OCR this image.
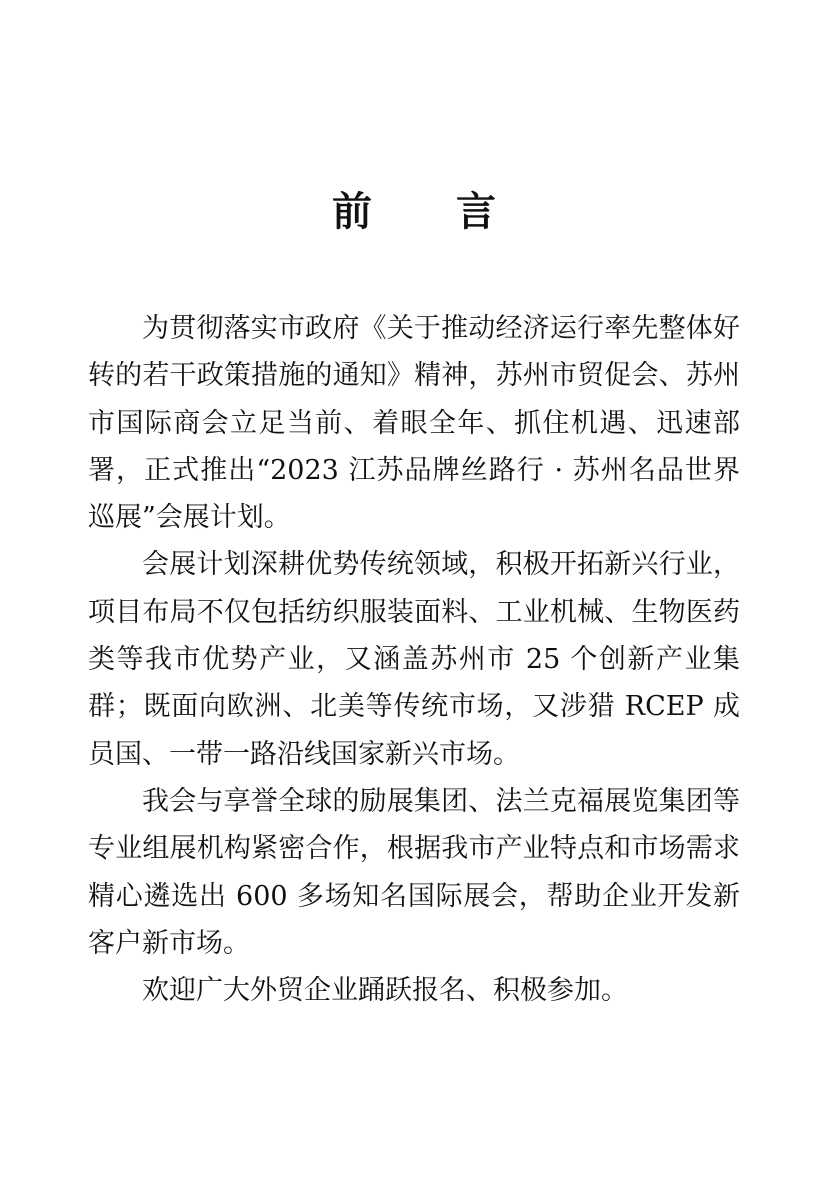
前 言

为贯彻落实市政府《关于推动经济运行率先整体好转的若干政策措施的通知》精神，苏州市贸促会、苏州市国际商会立足当前、着眼全年、抓住机遇、迅速部署，正式推出“2023 江苏品牌丝路行 · 苏州名品世界巡展”会展计划。

会展计划深耕优势传统领域，积极开拓新兴行业，项目布局不仅包括纺织服装面料、工业机械、生物医药类等我市优势产业，又涵盖苏州市 25 个创新产业集群；既面向欧洲、北美等传统市场，又涉猎 RCEP 成员国、一带一路沿线国家新兴市场。

我会与享誉全球的励展集团、法兰克福展览集团等专业组展机构紧密合作，根据我市产业特点和市场需求精心遴选出 600 多场知名国际展会，帮助企业开发新客户新市场。

欢迎广大外贸企业踊跃报名、积极参加。
